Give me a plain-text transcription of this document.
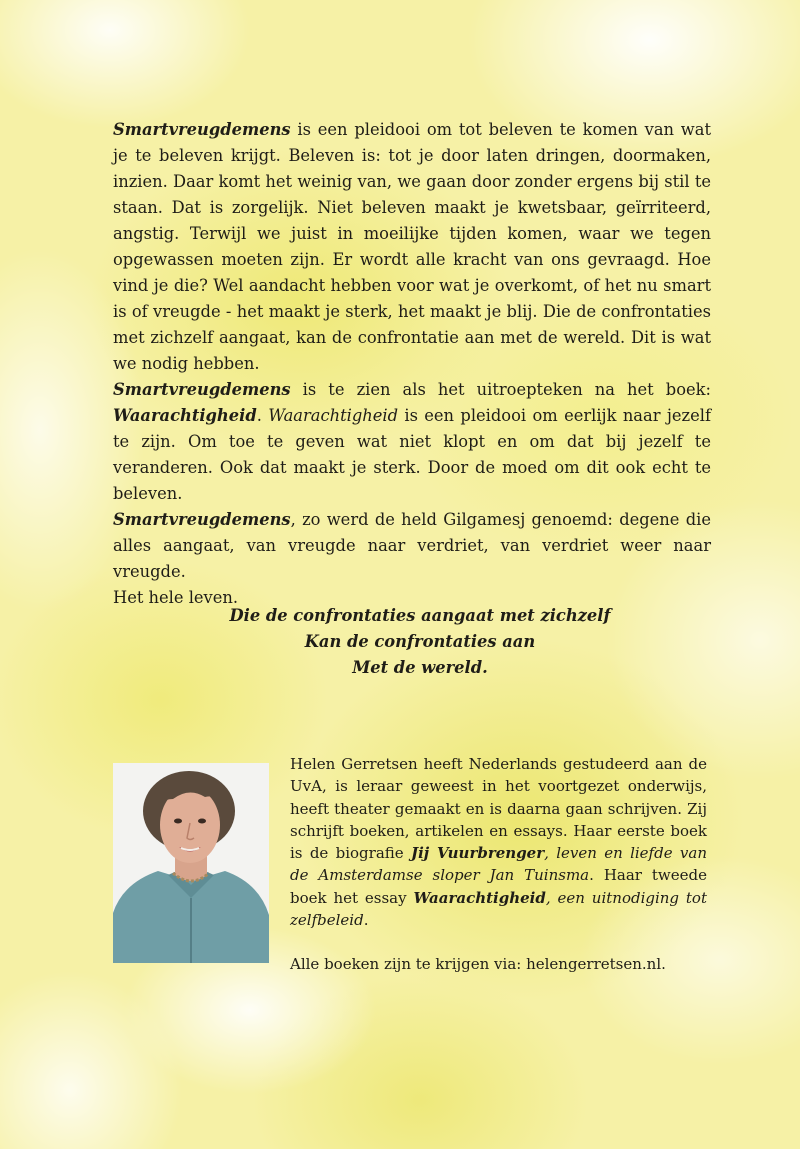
Smartvreugdemens is een pleidooi om tot beleven te komen van wat je te beleven krijgt. Beleven is: tot je door laten dringen, doormaken, inzien. Daar komt het weinig van, we gaan door zonder ergens bij stil te staan. Dat is zorgelijk. Niet beleven maakt je kwetsbaar, geïrriteerd, angstig. Terwijl we juist in moeilijke tijden komen, waar we tegen opgewassen moeten zijn. Er wordt alle kracht van ons gevraagd. Hoe vind je die? Wel aandacht hebben voor wat je overkomt, of het nu smart is of vreugde - het maakt je sterk, het maakt je blij. Die de confrontaties met zichzelf aangaat, kan de confrontatie aan met de wereld. Dit is wat we nodig hebben.

Smartvreugdemens is te zien als het uitroepteken na het boek: Waarachtigheid. Waarachtigheid is een pleidooi om eerlijk naar jezelf te zijn. Om toe te geven wat niet klopt en om dat bij jezelf te veranderen. Ook dat maakt je sterk. Door de moed om dit ook echt te beleven.

Smartvreugdemens, zo werd de held Gilgamesj genoemd: degene die alles aangaat, van vreugde naar verdriet, van verdriet weer naar vreugde.

Het hele leven.

Die de confrontaties aangaat met zichzelf
Kan de confrontaties aan
Met de wereld.

Helen Gerretsen heeft Nederlands gestudeerd aan de UvA, is leraar geweest in het voortgezet onderwijs, heeft theater gemaakt en is daarna gaan schrijven. Zij schrijft boeken, artikelen en essays. Haar eerste boek is de biografie Jij Vuurbrenger, leven en liefde van de Amsterdamse sloper Jan Tuinsma. Haar tweede boek het essay Waarachtigheid, een uitnodiging tot zelfbeleid.

Alle boeken zijn te krijgen via: helengerretsen.nl.
